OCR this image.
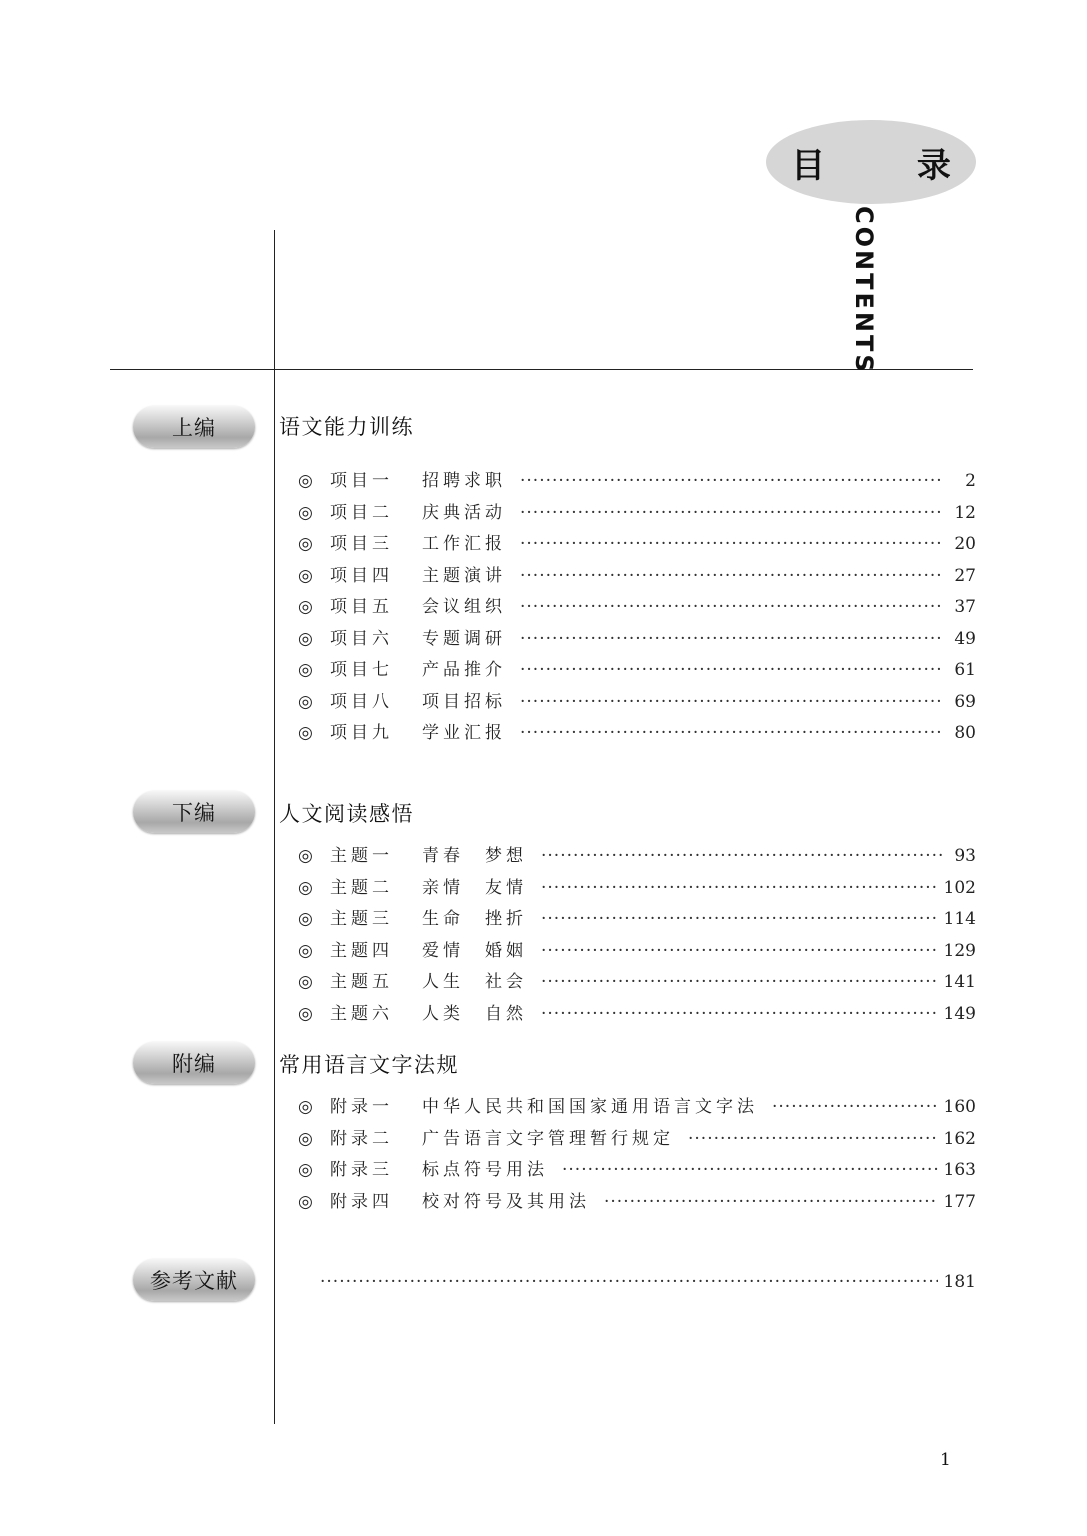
目 录
CONTENTS
上编	语文能力训练
◎	项目一	招聘求职 ·····	2
◎	项目二	庆典活动 ·····	12
◎	项目三	工作汇报 ·····	20
◎	项目四	主题演讲 ·····	27
◎	项目五	会议组织 ·····	37
◎	项目六	专题调研 ·····	49
◎	项目七	产品推介 ·····	61
◎	项目八	项目招标 ·····	69
◎	项目九	学业汇报 ·····	80
下编	人文阅读感悟
◎	主题一	青春　梦想 ·····	93
◎	主题二	亲情　友情 ·····	102
◎	主题三	生命　挫折 ·····	114
◎	主题四	爱情　婚姻 ·····	129
◎	主题五	人生　社会 ·····	141
◎	主题六	人类　自然 ·····	149
附编	常用语言文字法规
◎	附录一	中华人民共和国国家通用语言文字法 ·····	160
◎	附录二	广告语言文字管理暂行规定 ·····	162
◎	附录三	标点符号用法 ·····	163
◎	附录四	校对符号及其用法 ·····	177
参考文献 ·····	181
1
